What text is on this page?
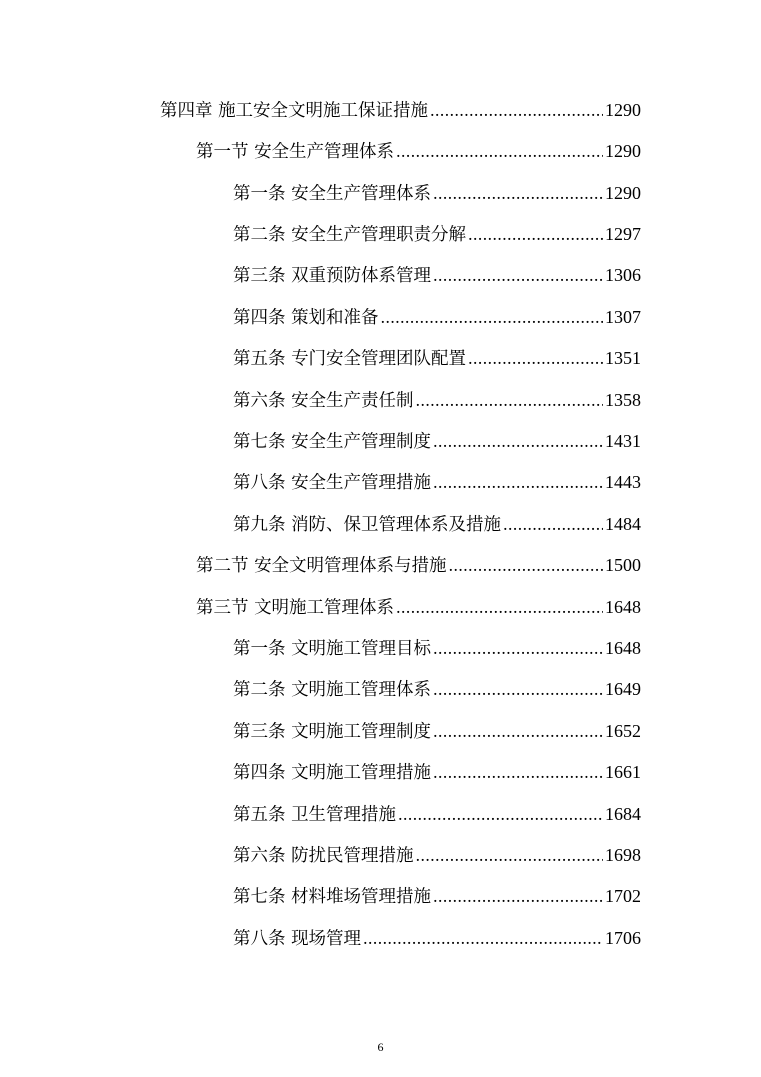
第四章 施工安全文明施工保证措施 .....	1290
第一节 安全生产管理体系 .....	1290
第一条 安全生产管理体系 .....	1290
第二条 安全生产管理职责分解 .....	1297
第三条 双重预防体系管理 .....	1306
第四条 策划和准备 .....	1307
第五条 专门安全管理团队配置 .....	1351
第六条 安全生产责任制 .....	1358
第七条 安全生产管理制度 .....	1431
第八条 安全生产管理措施 .....	1443
第九条 消防、保卫管理体系及措施 .....	1484
第二节 安全文明管理体系与措施 .....	1500
第三节 文明施工管理体系 .....	1648
第一条 文明施工管理目标 .....	1648
第二条 文明施工管理体系 .....	1649
第三条 文明施工管理制度 .....	1652
第四条 文明施工管理措施 .....	1661
第五条 卫生管理措施 .....	1684
第六条 防扰民管理措施 .....	1698
第七条 材料堆场管理措施 .....	1702
第八条 现场管理 .....	1706
6
